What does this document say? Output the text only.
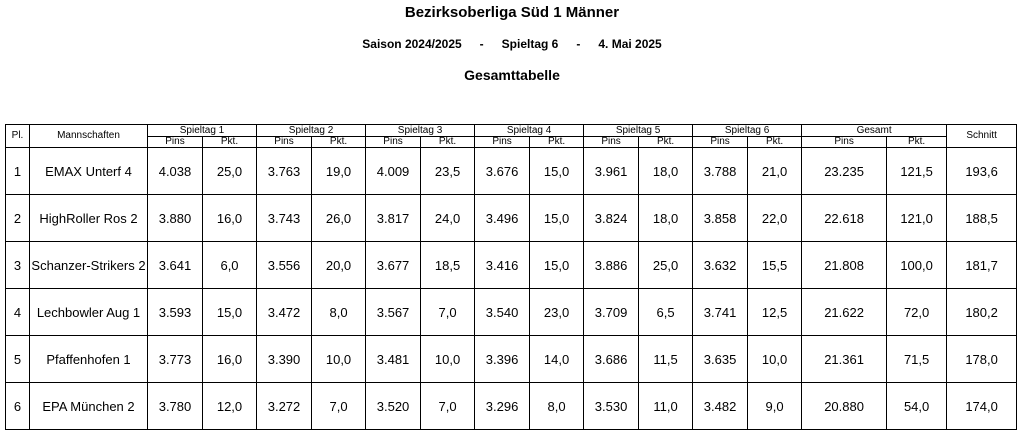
Bezirksoberliga Süd 1 Männer
Saison 2024/2025 - Spieltag 6 - 4. Mai 2025
Gesamttabelle
Pl.	Mannschaften	Spieltag 1		Spieltag 2		Spieltag 3		Spieltag 4		Spieltag 5		Spieltag 6		Gesamt		Schnitt
		Pins	Pkt.	Pins	Pkt.	Pins	Pkt.	Pins	Pkt.	Pins	Pkt.	Pins	Pkt.	Pins	Pkt.	
1	EMAX Unterf 4	4.038	25,0	3.763	19,0	4.009	23,5	3.676	15,0	3.961	18,0	3.788	21,0	23.235	121,5	193,6
2	HighRoller Ros 2	3.880	16,0	3.743	26,0	3.817	24,0	3.496	15,0	3.824	18,0	3.858	22,0	22.618	121,0	188,5
3	Schanzer-Strikers 2	3.641	6,0	3.556	20,0	3.677	18,5	3.416	15,0	3.886	25,0	3.632	15,5	21.808	100,0	181,7
4	Lechbowler Aug 1	3.593	15,0	3.472	8,0	3.567	7,0	3.540	23,0	3.709	6,5	3.741	12,5	21.622	72,0	180,2
5	Pfaffenhofen 1	3.773	16,0	3.390	10,0	3.481	10,0	3.396	14,0	3.686	11,5	3.635	10,0	21.361	71,5	178,0
6	EPA München 2	3.780	12,0	3.272	7,0	3.520	7,0	3.296	8,0	3.530	11,0	3.482	9,0	20.880	54,0	174,0
